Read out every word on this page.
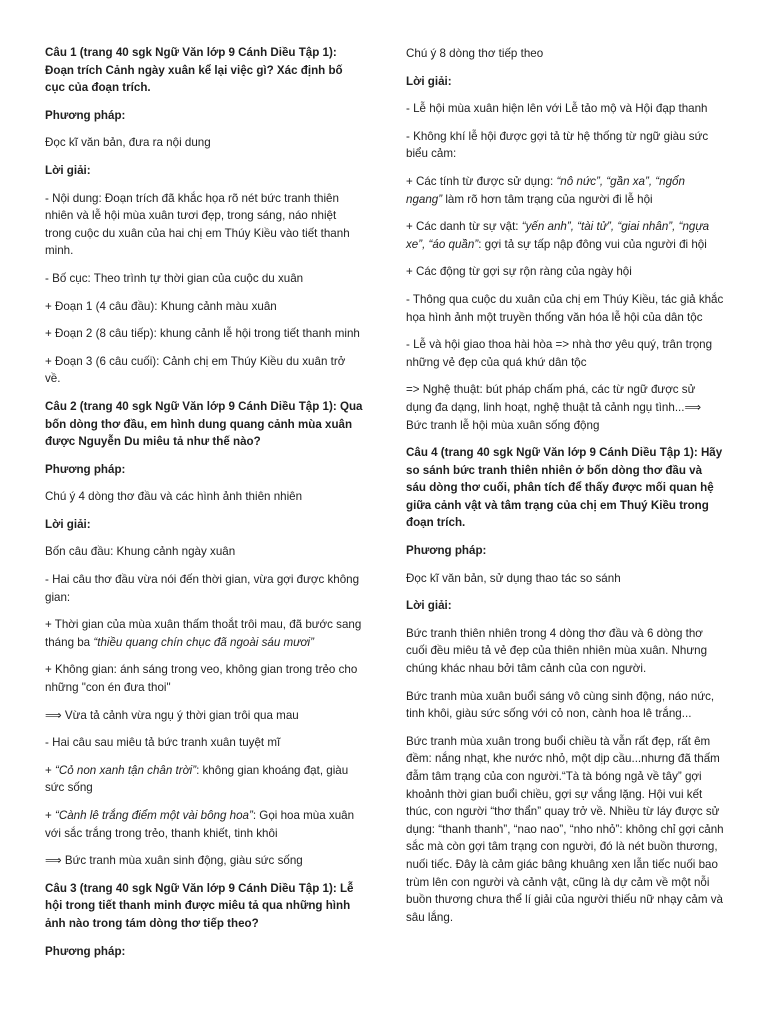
Câu 1 (trang 40 sgk Ngữ Văn lớp 9 Cánh Diều Tập 1): Đoạn trích Cảnh ngày xuân kể lại việc gì? Xác định bố cục của đoạn trích.
Phương pháp:
Đọc kĩ văn bản, đưa ra nội dung
Lời giải:
- Nội dung: Đoạn trích đã khắc họa rõ nét bức tranh thiên nhiên và lễ hội mùa xuân tươi đẹp, trong sáng, náo nhiệt trong cuộc du xuân của hai chị em Thúy Kiều vào tiết thanh minh.
- Bố cục: Theo trình tự thời gian của cuộc du xuân
+ Đoạn 1 (4 câu đầu): Khung cảnh màu xuân
+ Đoạn 2 (8 câu tiếp): khung cảnh lễ hội trong tiết thanh minh
+ Đoạn 3 (6 câu cuối): Cảnh chị em Thúy Kiều du xuân trở về.
Câu 2 (trang 40 sgk Ngữ Văn lớp 9 Cánh Diều Tập 1): Qua bốn dòng thơ đầu, em hình dung quang cảnh mùa xuân được Nguyễn Du miêu tả như thế nào?
Phương pháp:
Chú ý 4 dòng thơ đầu và các hình ảnh thiên nhiên
Lời giải:
Bốn câu đầu: Khung cảnh ngày xuân
- Hai câu thơ đầu vừa nói đến thời gian, vừa gợi được không gian:
+ Thời gian của mùa xuân thấm thoắt trôi mau, đã bước sang tháng ba “thiều quang chín chục đã ngoài sáu mươi”
+ Không gian: ánh sáng trong veo, không gian trong trẻo cho những "con én đưa thoi"
⟹ Vừa tả cảnh vừa ngụ ý thời gian trôi qua mau
- Hai câu sau miêu tả bức tranh xuân tuyệt mĩ
+ “Cỏ non xanh tận chân trời”: không gian khoáng đạt, giàu sức sống
+ “Cành lê trắng điểm một vài bông hoa”: Gọi hoa mùa xuân với sắc trắng trong trẻo, thanh khiết, tinh khôi
⟹ Bức tranh mùa xuân sinh động, giàu sức sống
Câu 3 (trang 40 sgk Ngữ Văn lớp 9 Cánh Diều Tập 1): Lễ hội trong tiết thanh minh được miêu tả qua những hình ảnh nào trong tám dòng thơ tiếp theo?
Phương pháp:
Chú ý 8 dòng thơ tiếp theo
Lời giải:
- Lễ hội mùa xuân hiện lên với Lễ tảo mộ và Hội đạp thanh
- Không khí lễ hội được gợi tả từ hệ thống từ ngữ giàu sức biểu cảm:
+ Các tính từ được sử dụng: “nô nức”, “gần xa”, “ngổn ngang” làm rõ hơn tâm trạng của người đi lễ hội
+ Các danh từ sự vật: “yến anh”, “tài tử”, “giai nhân”, “ngựa xe”, “áo quần”: gợi tả sự tấp nập đông vui của người đi hội
+ Các động từ gợi sự rộn ràng của ngày hội
- Thông qua cuộc du xuân của chị em Thúy Kiều, tác giả khắc họa hình ảnh một truyền thống văn hóa lễ hội của dân tộc
- Lễ và hội giao thoa hài hòa => nhà thơ yêu quý, trân trọng những vẻ đẹp của quá khứ dân tộc
=> Nghệ thuật: bút pháp chấm phá, các từ ngữ được sử dụng đa dạng, linh hoạt, nghệ thuật tả cảnh ngụ tình...⟹ Bức tranh lễ hội mùa xuân sống động
Câu 4 (trang 40 sgk Ngữ Văn lớp 9 Cánh Diều Tập 1): Hãy so sánh bức tranh thiên nhiên ở bốn dòng thơ đầu và sáu dòng thơ cuối, phân tích để thấy được mối quan hệ giữa cảnh vật và tâm trạng của chị em Thuý Kiều trong đoạn trích.
Phương pháp:
Đọc kĩ văn bản, sử dụng thao tác so sánh
Lời giải:
Bức tranh thiên nhiên trong 4 dòng thơ đầu và 6 dòng thơ cuối đều miêu tả vẻ đẹp của thiên nhiên mùa xuân. Nhưng chúng khác nhau bởi tâm cảnh của con người.
Bức tranh mùa xuân buổi sáng vô cùng sinh động, náo nức, tinh khôi, giàu sức sống với cỏ non, cành hoa lê trắng...
Bức tranh mùa xuân trong buổi chiều tà vẫn rất đẹp, rất êm đềm: nắng nhạt, khe nước nhỏ, một dịp cầu...nhưng đã thấm đẫm tâm trạng của con người.“Tà tà bóng ngả về tây” gợi khoảnh thời gian buổi chiều, gợi sự vắng lặng. Hội vui kết thúc, con người “thơ thẩn” quay trở về. Nhiều từ láy được sử dụng: “thanh thanh”, “nao nao”, “nho nhỏ”: không chỉ gợi cảnh sắc mà còn gợi tâm trạng con người, đó là nét buồn thương, nuối tiếc. Đây là cảm giác bâng khuâng xen lẫn tiếc nuối bao trùm lên con người và cảnh vật, cũng là dự cảm về một nỗi buồn thương chưa thể lí giải của người thiếu nữ nhạy cảm và sâu lắng.
